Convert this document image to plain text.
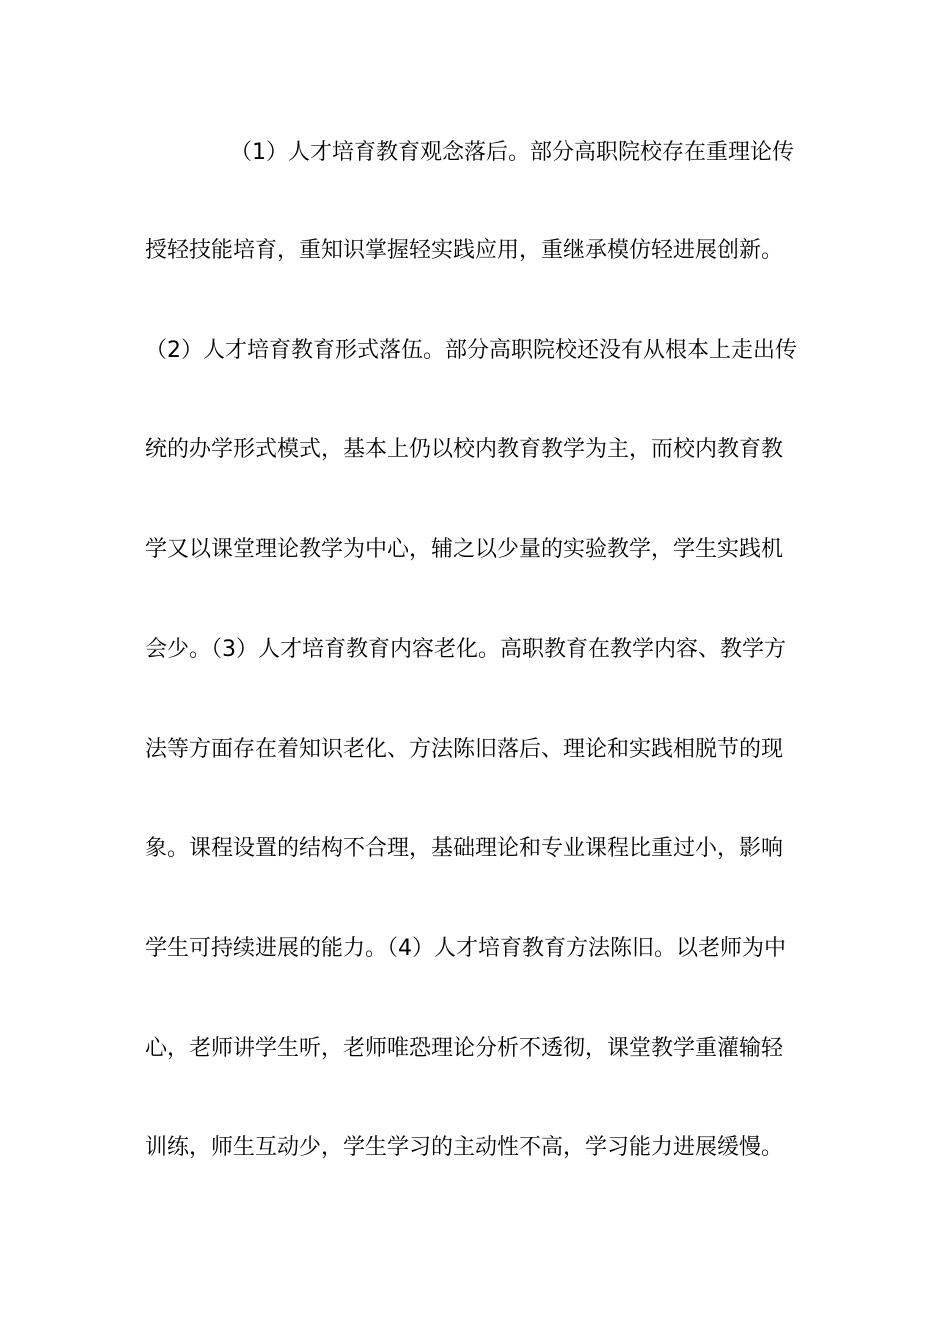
（1）人才培育教育观念落后。部分高职院校存在重理论传
授轻技能培育，重知识掌握轻实践应用，重继承模仿轻进展创新。
（2）人才培育教育形式落伍。部分高职院校还没有从根本上走出传
统的办学形式模式，基本上仍以校内教育教学为主，而校内教育教
学又以课堂理论教学为中心，辅之以少量的实验教学，学生实践机
会少。（3）人才培育教育内容老化。高职教育在教学内容、教学方
法等方面存在着知识老化、方法陈旧落后、理论和实践相脱节的现
象。课程设置的结构不合理，基础理论和专业课程比重过小，影响
学生可持续进展的能力。（4）人才培育教育方法陈旧。以老师为中
心，老师讲学生听，老师唯恐理论分析不透彻，课堂教学重灌输轻
训练，师生互动少，学生学习的主动性不高，学习能力进展缓慢。
